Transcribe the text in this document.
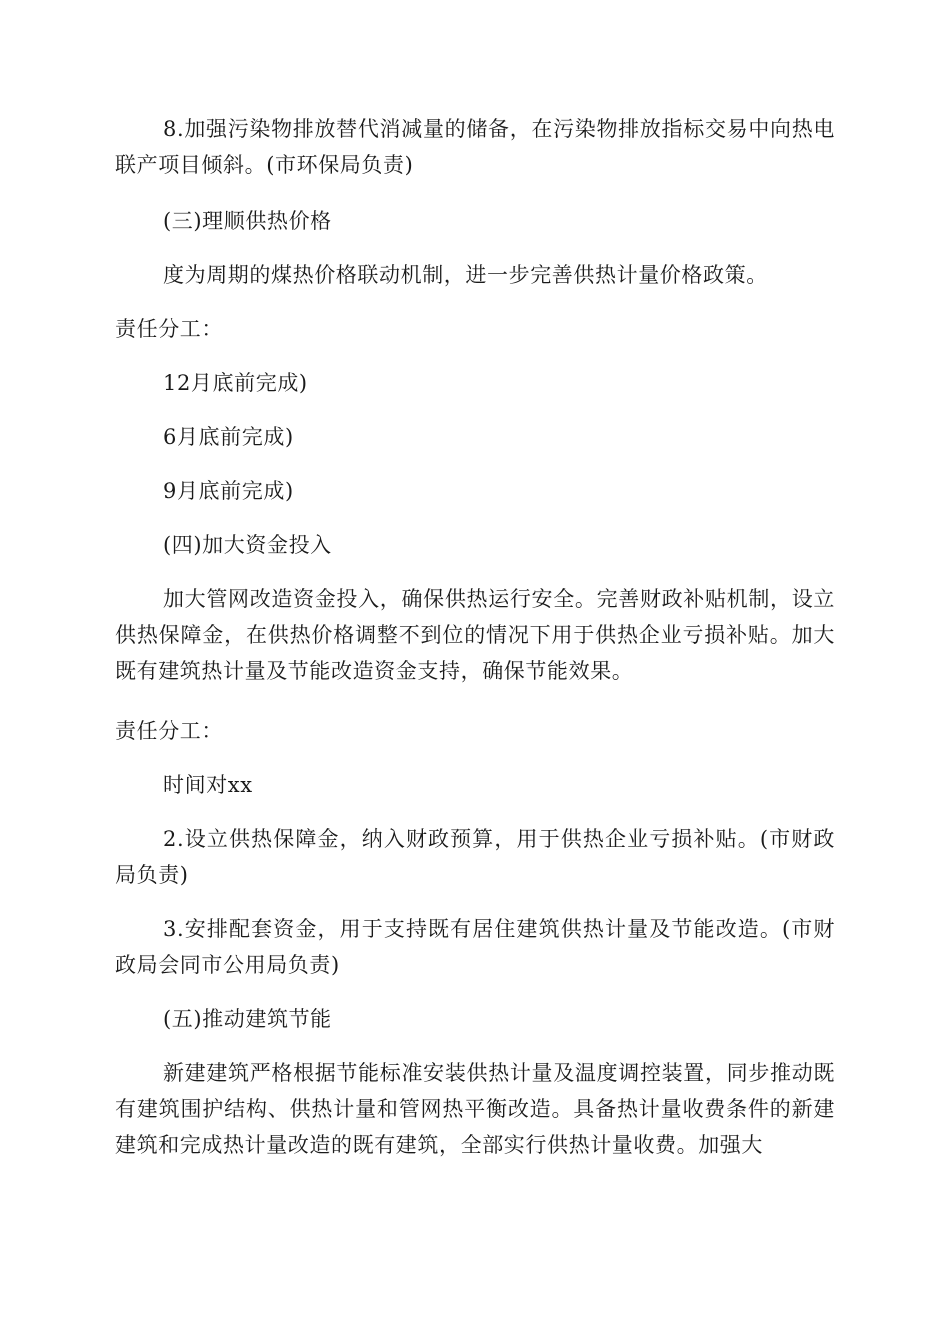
8.加强污染物排放替代消减量的储备，在污染物排放指标交易中向热电联产项目倾斜。(市环保局负责)

(三)理顺供热价格

度为周期的煤热价格联动机制，进一步完善供热计量价格政策。

责任分工：

12月底前完成)

6月底前完成)

9月底前完成)

(四)加大资金投入

加大管网改造资金投入，确保供热运行安全。完善财政补贴机制，设立供热保障金，在供热价格调整不到位的情况下用于供热企业亏损补贴。加大既有建筑热计量及节能改造资金支持，确保节能效果。

责任分工：

时间对xx

2.设立供热保障金，纳入财政预算，用于供热企业亏损补贴。(市财政局负责)

3.安排配套资金，用于支持既有居住建筑供热计量及节能改造。(市财政局会同市公用局负责)

(五)推动建筑节能

新建建筑严格根据节能标准安装供热计量及温度调控装置，同步推动既有建筑围护结构、供热计量和管网热平衡改造。具备热计量收费条件的新建建筑和完成热计量改造的既有建筑，全部实行供热计量收费。加强大
